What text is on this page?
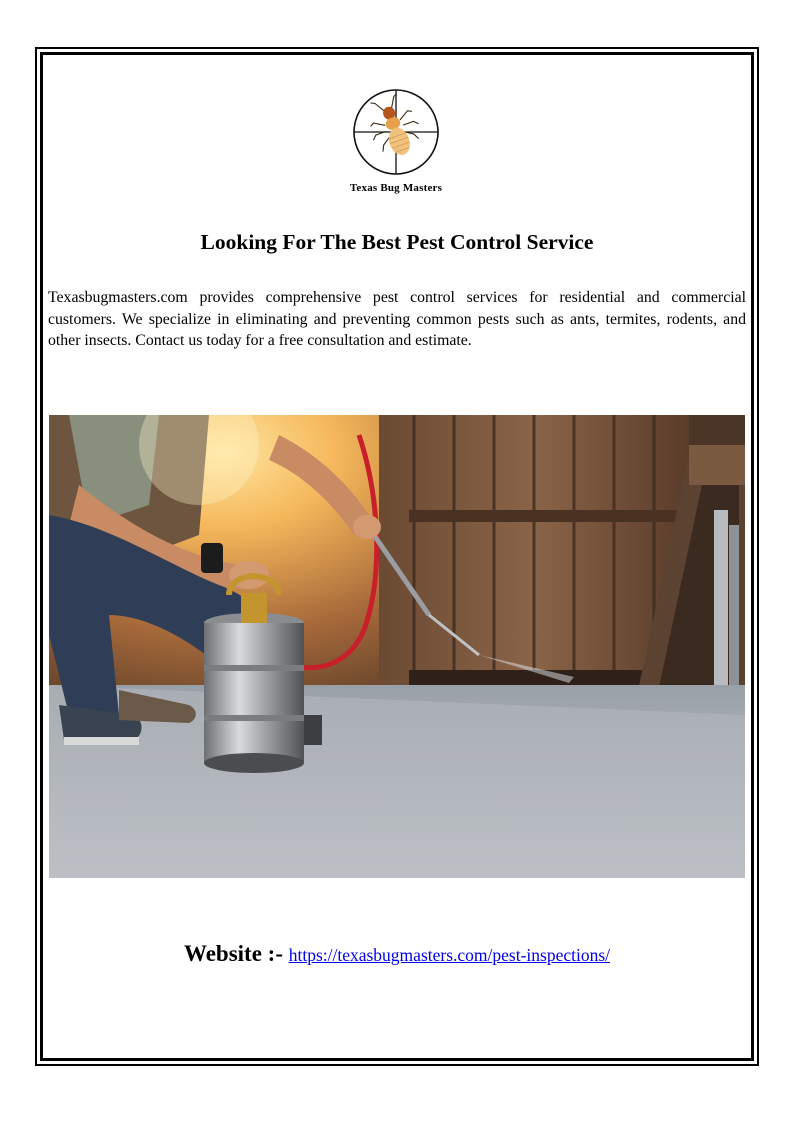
Texas Bug Masters
Looking For The Best Pest Control Service

Texasbugmasters.com provides comprehensive pest control services for residential and commercial customers. We specialize in eliminating and preventing common pests such as ants, termites, rodents, and other insects. Contact us today for a free consultation and estimate.

Website :- https://texasbugmasters.com/pest-inspections/
